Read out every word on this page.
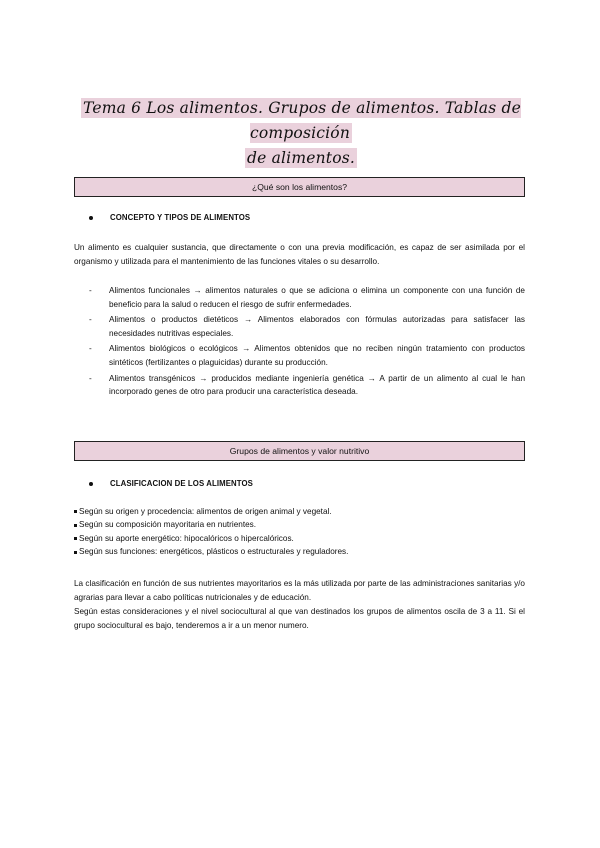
Tema 6 Los alimentos. Grupos de alimentos. Tablas de composición
de alimentos.
¿Qué son los alimentos?
CONCEPTO Y TIPOS DE ALIMENTOS
Un alimento es cualquier sustancia, que directamente o con una previa modificación, es capaz de ser asimilada por el organismo y utilizada para el mantenimiento de las funciones vitales o su desarrollo.
-	Alimentos funcionales → alimentos naturales o que se adiciona o elimina un componente con una función de beneficio para la salud o reducen el riesgo de sufrir enfermedades.
-	Alimentos o productos dietéticos → Alimentos elaborados con fórmulas autorizadas para satisfacer las necesidades nutritivas especiales.
-	Alimentos biológicos o ecológicos → Alimentos obtenidos que no reciben ningún tratamiento con productos sintéticos (fertilizantes o plaguicidas) durante su producción.
-	Alimentos transgénicos → producidos mediante ingeniería genética → A partir de un alimento al cual le han incorporado genes de otro para producir una característica deseada.
Grupos de alimentos y valor nutritivo
CLASIFICACION DE LOS ALIMENTOS
Según su origen y procedencia: alimentos de origen animal y vegetal.
Según su composición mayoritaria en nutrientes.
Según su aporte energético: hipocalóricos o hipercalóricos.
Según sus funciones: energéticos, plásticos o estructurales y reguladores.
La clasificación en función de sus nutrientes mayoritarios es la más utilizada por parte de las administraciones sanitarias y/o agrarias para llevar a cabo políticas nutricionales y de educación.
Según estas consideraciones y el nivel sociocultural al que van destinados los grupos de alimentos oscila de 3 a 11. Si el grupo sociocultural es bajo, tenderemos a ir a un menor numero.
